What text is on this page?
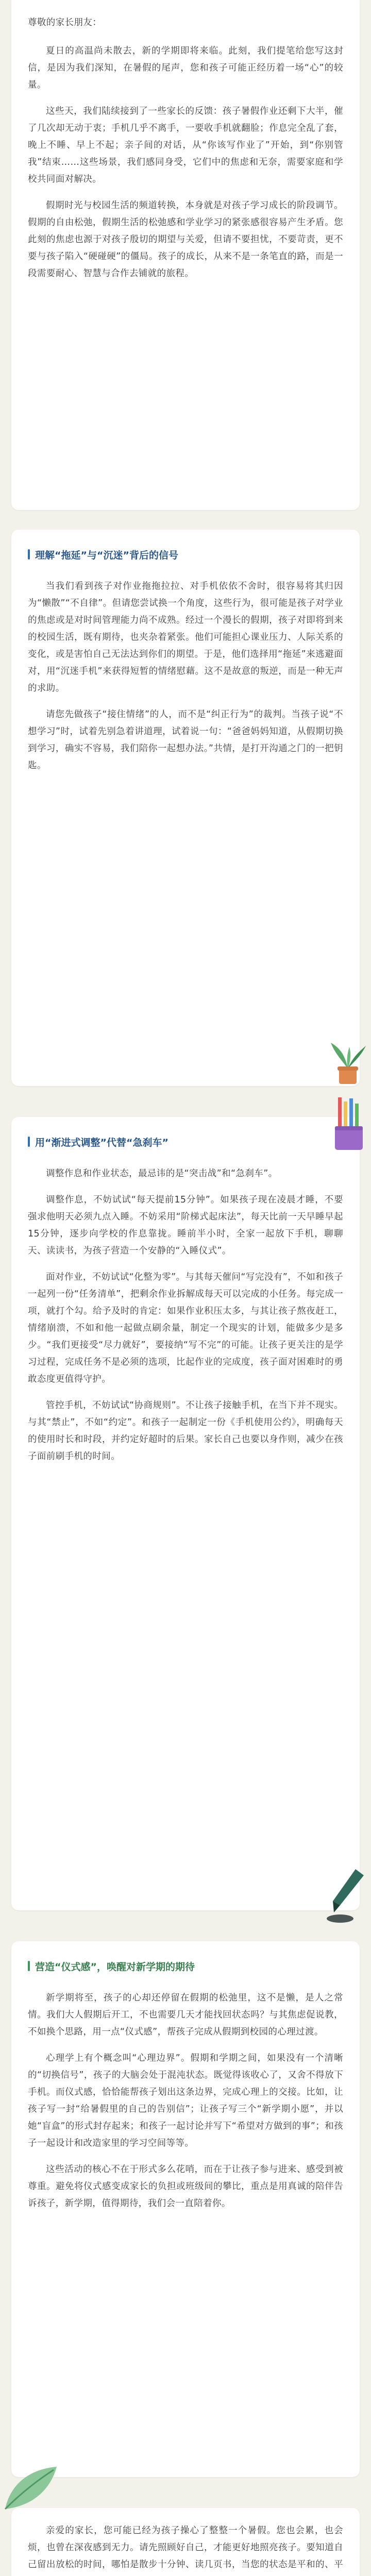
尊敬的家长朋友：

夏日的高温尚未散去，新的学期即将来临。此刻，我们提笔给您写这封信，是因为我们深知，在暑假的尾声，您和孩子可能正经历着一场“心”的较量。

这些天，我们陆续接到了一些家长的反馈：孩子暑假作业还剩下大半，催了几次却无动于衷；手机几乎不离手，一要收手机就翻脸；作息完全乱了套，晚上不睡、早上不起；亲子间的对话，从“你该写作业了”开始，到“你别管我”结束……这些场景，我们感同身受，它们中的焦虑和无奈，需要家庭和学校共同面对解决。

假期时光与校园生活的频道转换，本身就是对孩子学习成长的阶段调节。假期的自由松弛，假期生活的松弛感和学业学习的紧张感很容易产生矛盾。您此刻的焦虑也源于对孩子殷切的期望与关爱，但请不要担忧，不要苛责，更不要与孩子陷入“硬碰硬”的僵局。孩子的成长，从来不是一条笔直的路，而是一段需要耐心、智慧与合作去铺就的旅程。

理解“拖延”与“沉迷”背后的信号

当我们看到孩子对作业拖拖拉拉、对手机依依不舍时，很容易将其归因为“懒散”“不自律”。但请您尝试换一个角度，这些行为，很可能是孩子对学业的焦虑或是对时间管理能力尚不成熟。经过一个漫长的假期，孩子对即将到来的校园生活，既有期待，也夹杂着紧张。他们可能担心课业压力、人际关系的变化，或是害怕自己无法达到你们的期望。于是，他们选择用“拖延”来逃避面对，用“沉迷手机”来获得短暂的情绪慰藉。这不是故意的叛逆，而是一种无声的求助。

请您先做孩子“接住情绪”的人，而不是“纠正行为”的裁判。当孩子说“不想学习”时，试着先别急着讲道理，试着说一句：“爸爸妈妈知道，从假期切换到学习，确实不容易，我们陪你一起想办法。”共情，是打开沟通之门的一把钥匙。

用“渐进式调整”代替“急刹车”

调整作息和作业状态，最忌讳的是“突击战”和“急刹车”。

调整作息，不妨试试“每天提前15分钟”。如果孩子现在凌晨才睡，不要强求他明天必须九点入睡。不妨采用“阶梯式起床法”，每天比前一天早睡早起15分钟，逐步向学校的作息靠拢。睡前半小时，全家一起放下手机，聊聊天、读读书，为孩子营造一个安静的“入睡仪式”。

面对作业，不妨试试“化整为零”。与其每天催问“写完没有”，不如和孩子一起列一份“任务清单”，把剩余作业拆解成每天可以完成的小任务。每完成一项，就打个勾。给予及时的肯定：如果作业积压太多，与其让孩子熬夜赶工，情绪崩溃，不如和他一起做点刷余量，制定一个现实的计划，能做多少是多少。“我们更接受“尽力就好”，要接纳“写不完”的可能。让孩子更关注的是学习过程，完成任务不是必须的选项，比起作业的完成度，孩子面对困难时的勇敢态度更值得守护。

管控手机，不妨试试“协商规则”。不让孩子接触手机，在当下并不现实。与其“禁止”，不如“约定”。和孩子一起制定一份《手机使用公约》，明确每天的使用时长和时段，并约定好超时的后果。家长自己也要以身作则，减少在孩子面前刷手机的时间。

营造“仪式感”，唤醒对新学期的期待

新学期将至，孩子的心却还停留在假期的松弛里，这不是懒，是人之常情。我们大人假期后开工，不也需要几天才能找回状态吗？与其焦虑促说教，不如换个思路，用一点“仪式感”，帮孩子完成从假期到校园的心理过渡。

心理学上有个概念叫“心理边界”。假期和学期之间，如果没有一个清晰的“切换信号”，孩子的大脑会处于混沌状态。既觉得该收心了，又舍不得放下手机。而仪式感，恰恰能帮孩子划出这条边界，完成心理上的交接。比如，让孩子写一封“给暑假里的自己的告别信”；让孩子写三个“新学期小愿”，并以她“盲盒”的形式封存起来；和孩子一起讨论并写下“希望对方做到的事”；和孩子一起设计和改造家里的学习空间等等。

这些活动的核心不在于形式多么花哨，而在于让孩子参与进来、感受到被尊重。避免将仪式感变成家长的负担或班级间的攀比，重点是用真诚的陪伴告诉孩子，新学期，值得期待，我们会一直陪着你。

亲爱的家长，您可能已经为孩子操心了整整一个暑假。您也会累，也会烦，也曾在深夜感到无力。请先照顾好自己，才能更好地照亮孩子。要知道自己留出放松的时间，哪怕是散步十分钟、读几页书，当您的状态是平和的、平
